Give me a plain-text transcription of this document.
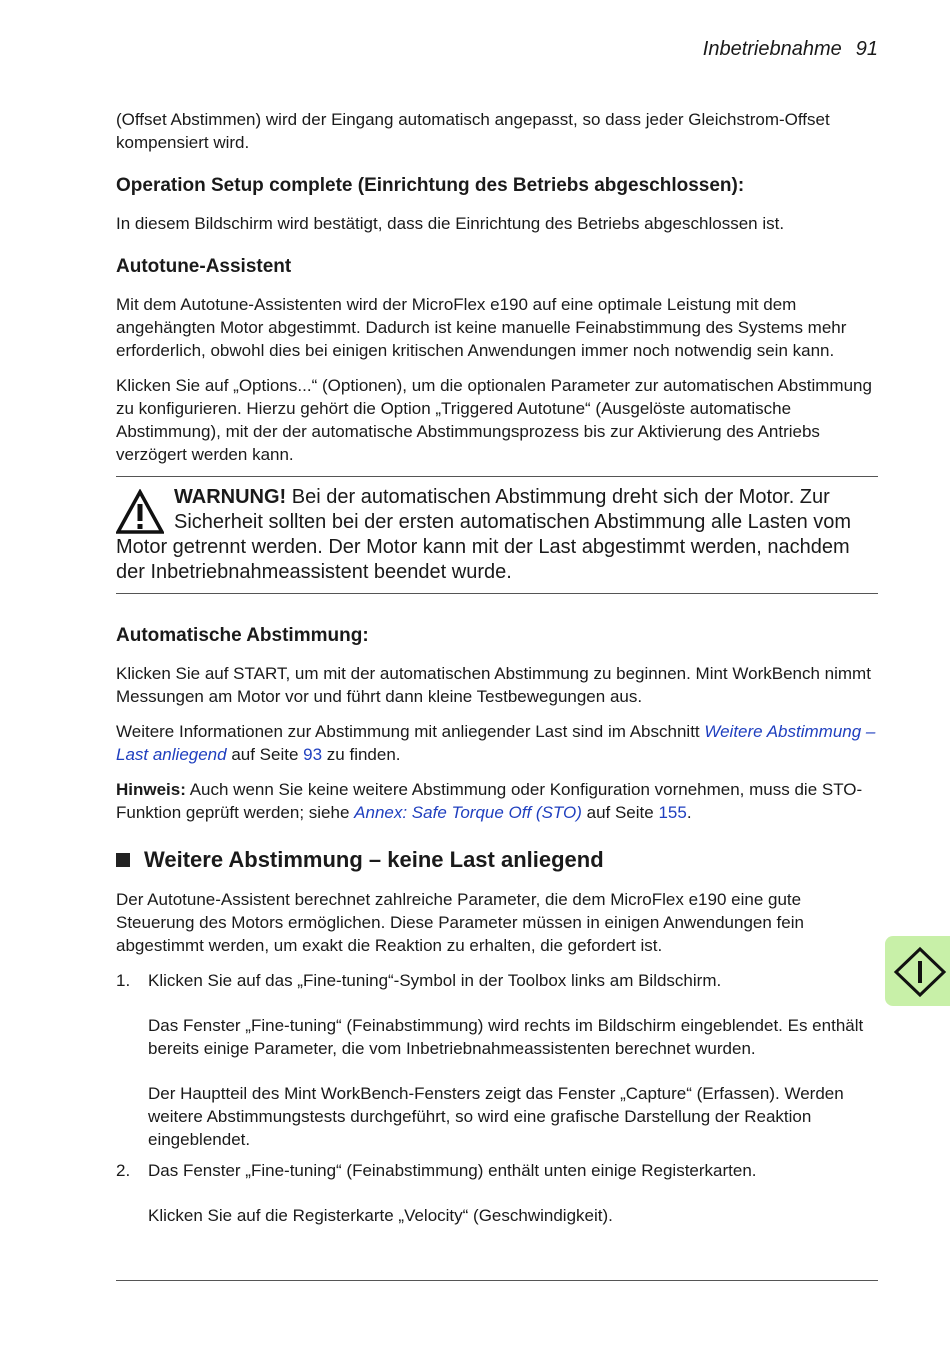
Inbetriebnahme 91

(Offset Abstimmen) wird der Eingang automatisch angepasst, so dass jeder Gleichstrom-Offset kompensiert wird.

Operation Setup complete (Einrichtung des Betriebs abgeschlossen):

In diesem Bildschirm wird bestätigt, dass die Einrichtung des Betriebs abgeschlossen ist.

Autotune-Assistent

Mit dem Autotune-Assistenten wird der MicroFlex e190 auf eine optimale Leistung mit dem angehängten Motor abgestimmt. Dadurch ist keine manuelle Feinabstimmung des Systems mehr erforderlich, obwohl dies bei einigen kritischen Anwendungen immer noch notwendig sein kann.

Klicken Sie auf „Options...“ (Optionen), um die optionalen Parameter zur automatischen Abstimmung zu konfigurieren. Hierzu gehört die Option „Triggered Autotune“ (Ausgelöste automatische Abstimmung), mit der der automatische Abstimmungsprozess bis zur Aktivierung des Antriebs verzögert werden kann.

WARNUNG! Bei der automatischen Abstimmung dreht sich der Motor. Zur Sicherheit sollten bei der ersten automatischen Abstimmung alle Lasten vom Motor getrennt werden. Der Motor kann mit der Last abgestimmt werden, nachdem der Inbetriebnahmeassistent beendet wurde.
Automatische Abstimmung:

Klicken Sie auf START, um mit der automatischen Abstimmung zu beginnen. Mint WorkBench nimmt Messungen am Motor vor und führt dann kleine Testbewegungen aus.

Weitere Informationen zur Abstimmung mit anliegender Last sind im Abschnitt Weitere Abstimmung – Last anliegend auf Seite 93 zu finden.

Hinweis: Auch wenn Sie keine weitere Abstimmung oder Konfiguration vornehmen, muss die STO-Funktion geprüft werden; siehe Annex: Safe Torque Off (STO) auf Seite 155.

Weitere Abstimmung – keine Last anliegend

Der Autotune-Assistent berechnet zahlreiche Parameter, die dem MicroFlex e190 eine gute Steuerung des Motors ermöglichen. Diese Parameter müssen in einigen Anwendungen fein abgestimmt werden, um exakt die Reaktion zu erhalten, die gefordert ist.

1. Klicken Sie auf das „Fine-tuning“-Symbol in der Toolbox links am Bildschirm.

Das Fenster „Fine-tuning“ (Feinabstimmung) wird rechts im Bildschirm eingeblendet. Es enthält bereits einige Parameter, die vom Inbetriebnahmeassistenten berechnet wurden.

Der Hauptteil des Mint WorkBench-Fensters zeigt das Fenster „Capture“ (Erfassen). Werden weitere Abstimmungstests durchgeführt, so wird eine grafische Darstellung der Reaktion eingeblendet.

2. Das Fenster „Fine-tuning“ (Feinabstimmung) enthält unten einige Registerkarten.

Klicken Sie auf die Registerkarte „Velocity“ (Geschwindigkeit).
